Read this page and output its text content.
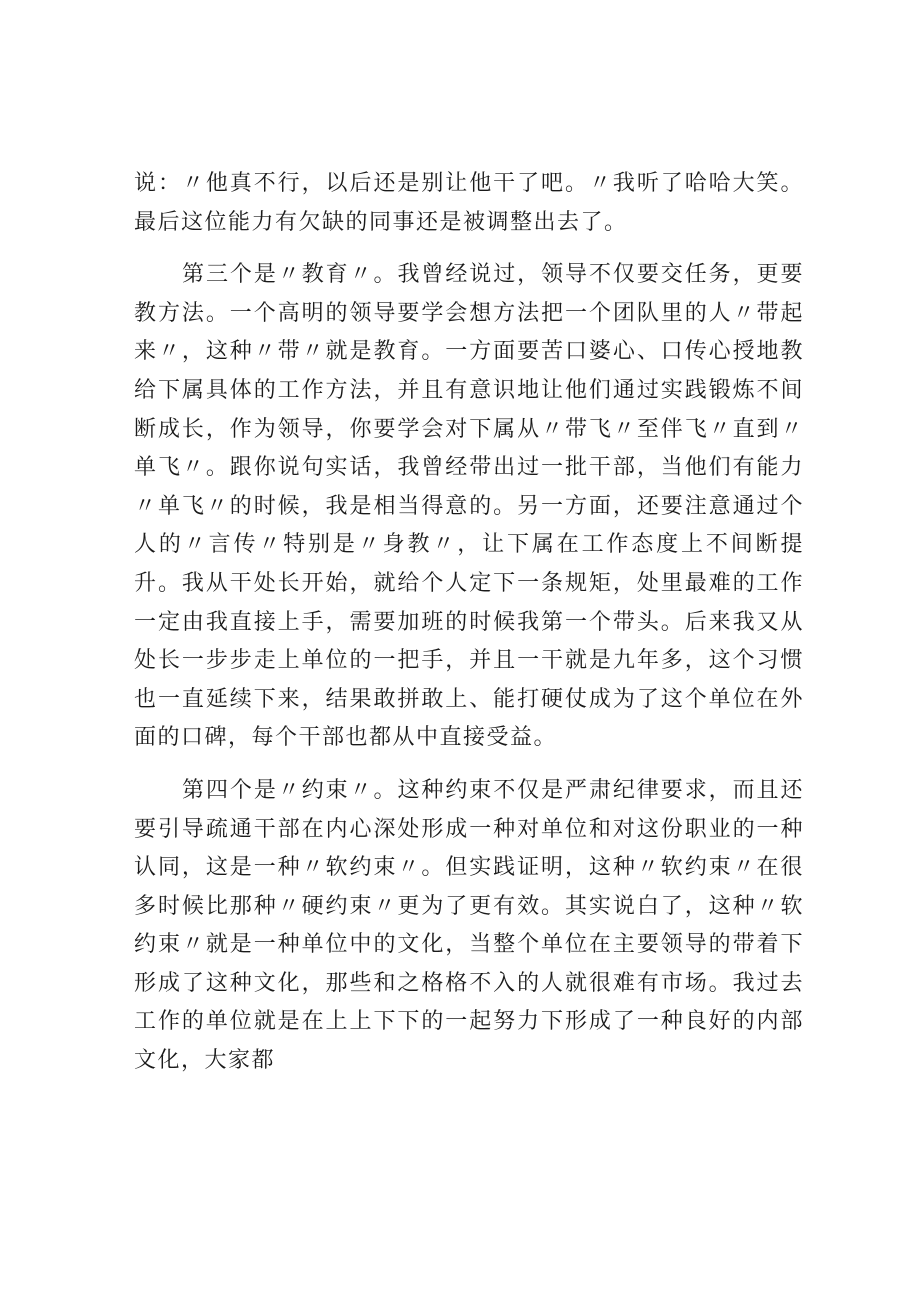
说：〃他真不行，以后还是别让他干了吧。〃我听了哈哈大笑。最后这位能力有欠缺的同事还是被调整出去了。

第三个是〃教育〃。我曾经说过，领导不仅要交任务，更要教方法。一个高明的领导要学会想方法把一个团队里的人〃带起来〃，这种〃带〃就是教育。一方面要苦口婆心、口传心授地教给下属具体的工作方法，并且有意识地让他们通过实践锻炼不间断成长，作为领导，你要学会对下属从〃带飞〃至伴飞〃直到〃单飞〃。跟你说句实话，我曾经带出过一批干部，当他们有能力〃单飞〃的时候，我是相当得意的。另一方面，还要注意通过个人的〃言传〃特别是〃身教〃，让下属在工作态度上不间断提升。我从干处长开始，就给个人定下一条规矩，处里最难的工作一定由我直接上手，需要加班的时候我第一个带头。后来我又从处长一步步走上单位的一把手，并且一干就是九年多，这个习惯也一直延续下来，结果敢拼敢上、能打硬仗成为了这个单位在外面的口碑，每个干部也都从中直接受益。

第四个是〃约束〃。这种约束不仅是严肃纪律要求，而且还要引导疏通干部在内心深处形成一种对单位和对这份职业的一种认同，这是一种〃软约束〃。但实践证明，这种〃软约束〃在很多时候比那种〃硬约束〃更为了更有效。其实说白了，这种〃软约束〃就是一种单位中的文化，当整个单位在主要领导的带着下形成了这种文化，那些和之格格不入的人就很难有市场。我过去工作的单位就是在上上下下的一起努力下形成了一种良好的内部文化，大家都
